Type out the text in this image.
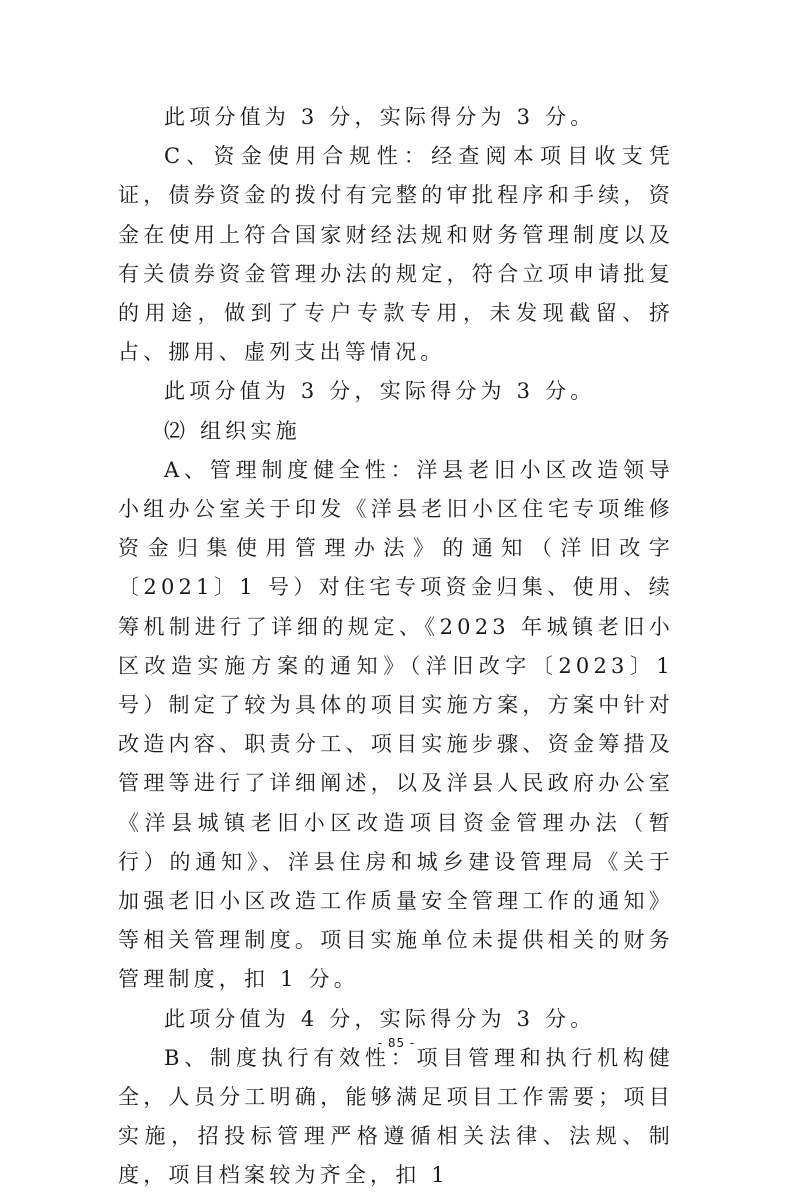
此项分值为 3 分，实际得分为 3 分。

C、资金使用合规性：经查阅本项目收支凭证，债券资金的拨付有完整的审批程序和手续，资金在使用上符合国家财经法规和财务管理制度以及有关债券资金管理办法的规定，符合立项申请批复的用途，做到了专户专款专用，未发现截留、挤占、挪用、虚列支出等情况。

此项分值为 3 分，实际得分为 3 分。

⑵ 组织实施

A、管理制度健全性：洋县老旧小区改造领导小组办公室关于印发《洋县老旧小区住宅专项维修资金归集使用管理办法》的通知（洋旧改字〔2021〕1 号）对住宅专项资金归集、使用、续筹机制进行了详细的规定、《2023 年城镇老旧小区改造实施方案的通知》（洋旧改字〔2023〕1 号）制定了较为具体的项目实施方案，方案中针对改造内容、职责分工、项目实施步骤、资金筹措及管理等进行了详细阐述，以及洋县人民政府办公室《洋县城镇老旧小区改造项目资金管理办法（暂行）的通知》、洋县住房和城乡建设管理局《关于加强老旧小区改造工作质量安全管理工作的通知》等相关管理制度。项目实施单位未提供相关的财务管理制度，扣 1 分。

此项分值为 4 分，实际得分为 3 分。

B、制度执行有效性：项目管理和执行机构健全，人员分工明确，能够满足项目工作需要；项目实施，招投标管理严格遵循相关法律、法规、制度，项目档案较为齐全，扣 1

- 85 -
